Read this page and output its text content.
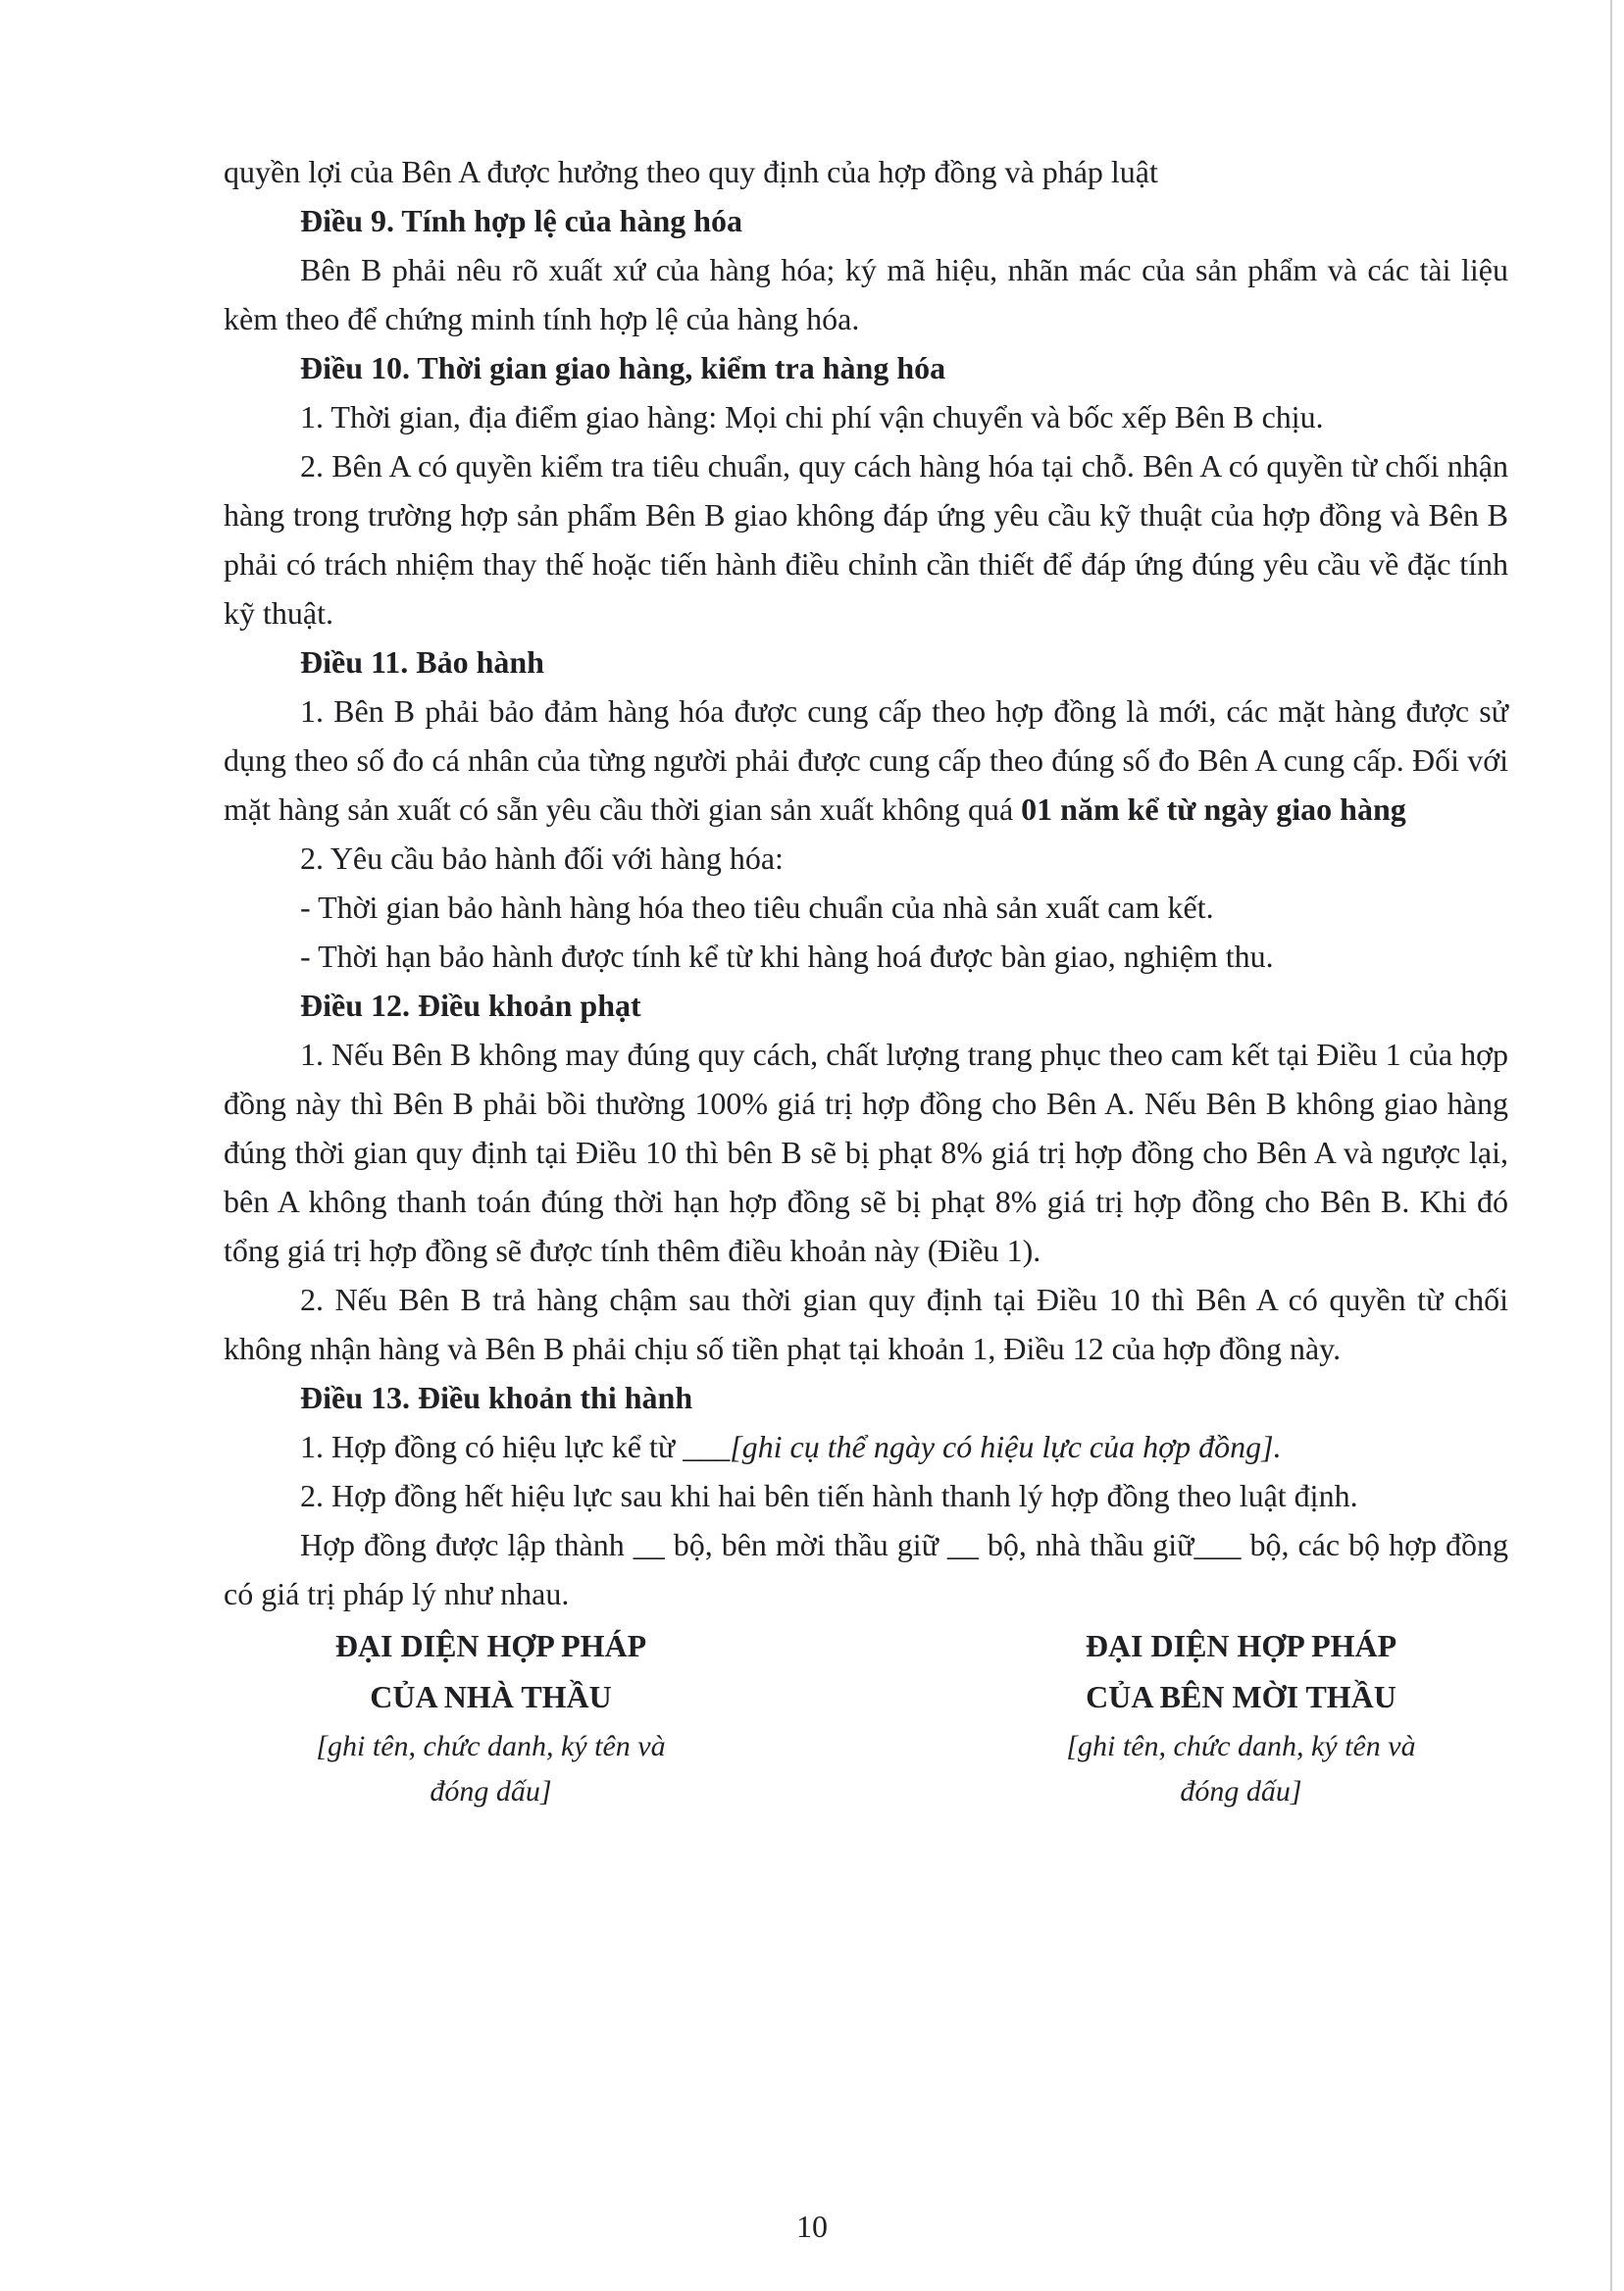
quyền lợi của Bên A được hưởng theo quy định của hợp đồng và pháp luật

Điều 9. Tính hợp lệ của hàng hóa

Bên B phải nêu rõ xuất xứ của hàng hóa; ký mã hiệu, nhãn mác của sản phẩm và các tài liệu kèm theo để chứng minh tính hợp lệ của hàng hóa.

Điều 10. Thời gian giao hàng, kiểm tra hàng hóa

1. Thời gian, địa điểm giao hàng: Mọi chi phí vận chuyển và bốc xếp Bên B chịu.

2. Bên A có quyền kiểm tra tiêu chuẩn, quy cách hàng hóa tại chỗ. Bên A có quyền từ chối nhận hàng trong trường hợp sản phẩm Bên B giao không đáp ứng yêu cầu kỹ thuật của hợp đồng và Bên B phải có trách nhiệm thay thế hoặc tiến hành điều chỉnh cần thiết để đáp ứng đúng yêu cầu về đặc tính kỹ thuật.

Điều 11. Bảo hành

1. Bên B phải bảo đảm hàng hóa được cung cấp theo hợp đồng là mới, các mặt hàng được sử dụng theo số đo cá nhân của từng người phải được cung cấp theo đúng số đo Bên A cung cấp. Đối với mặt hàng sản xuất có sẵn yêu cầu thời gian sản xuất không quá 01 năm kể từ ngày giao hàng

2. Yêu cầu bảo hành đối với hàng hóa:

- Thời gian bảo hành hàng hóa theo tiêu chuẩn của nhà sản xuất cam kết.

- Thời hạn bảo hành được tính kể từ khi hàng hoá được bàn giao, nghiệm thu.

Điều 12. Điều khoản phạt

1. Nếu Bên B không may đúng quy cách, chất lượng trang phục theo cam kết tại Điều 1 của hợp đồng này thì Bên B phải bồi thường 100% giá trị hợp đồng cho Bên A. Nếu Bên B không giao hàng đúng thời gian quy định tại Điều 10 thì bên B sẽ bị phạt 8% giá trị hợp đồng cho Bên A và ngược lại, bên A không thanh toán đúng thời hạn hợp đồng sẽ bị phạt 8% giá trị hợp đồng cho Bên B. Khi đó tổng giá trị hợp đồng sẽ được tính thêm điều khoản này (Điều 1).

2. Nếu Bên B trả hàng chậm sau thời gian quy định tại Điều 10 thì Bên A có quyền từ chối không nhận hàng và Bên B phải chịu số tiền phạt tại khoản 1, Điều 12 của hợp đồng này.

Điều 13. Điều khoản thi hành

1. Hợp đồng có hiệu lực kể từ ___[ghi cụ thể ngày có hiệu lực của hợp đồng].

2. Hợp đồng hết hiệu lực sau khi hai bên tiến hành thanh lý hợp đồng theo luật định.

Hợp đồng được lập thành __ bộ, bên mời thầu giữ __ bộ, nhà thầu giữ___ bộ, các bộ hợp đồng có giá trị pháp lý như nhau.

ĐẠI DIỆN HỢP PHÁP
CỦA NHÀ THẦU
[ghi tên, chức danh, ký tên và
đóng dấu]
ĐẠI DIỆN HỢP PHÁP
CỦA BÊN MỜI THẦU
[ghi tên, chức danh, ký tên và
đóng dấu]
10
